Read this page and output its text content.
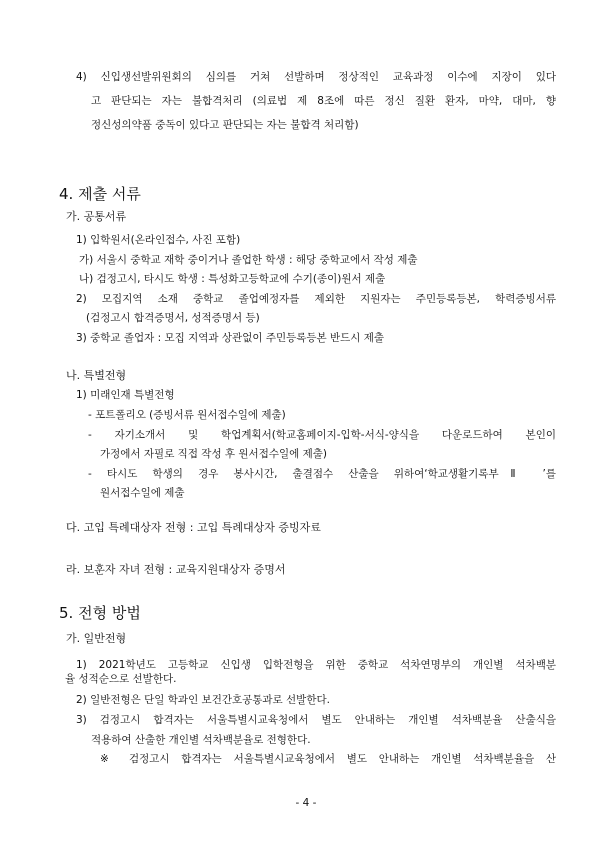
4) 신입생선발위원회의 심의를 거쳐 선발하며 정상적인 교육과정 이수에 지장이 있다
고 판단되는 자는 불합격처리 (의료법 제 8조에 따른 정신 질환 환자, 마약, 대마, 향
정신성의약품 중독이 있다고 판단되는 자는 불합격 처리함)
4. 제출 서류
가. 공통서류
1) 입학원서(온라인접수, 사진 포함)
가) 서울시 중학교 재학 중이거나 졸업한 학생 : 해당 중학교에서 작성 제출
나) 검정고시, 타시도 학생 : 특성화고등학교에 수기(종이)원서 제출
2) 모집지역 소재 중학교 졸업예정자를 제외한 지원자는 주민등록등본, 학력증빙서류
(검정고시 합격증명서, 성적증명서 등)
3) 중학교 졸업자 : 모집 지역과 상관없이 주민등록등본 반드시 제출
나. 특별전형
1) 미래인재 특별전형
- 포트폴리오 (증빙서류 원서접수일에 제출)
- 자기소개서 및 학업계획서(학교홈페이지-입학-서식-양식을 다운로드하여 본인이
가정에서 자필로 직접 작성 후 원서접수일에 제출)
- 타시도 학생의 경우 봉사시간, 출결점수 산출을 위하여‘학교생활기록부Ⅱ ’를
원서접수일에 제출
다. 고입 특례대상자 전형 : 고입 특례대상자 증빙자료
라. 보훈자 자녀 전형 : 교육지원대상자 증명서
5. 전형 방법
가. 일반전형
1) 2021학년도 고등학교 신입생 입학전형을 위한 중학교 석차연명부의 개인별 석차백분
율 성적순으로 선발한다.
2) 일반전형은 단일 학과인 보건간호공통과로 선발한다.
3) 검정고시 합격자는 서울특별시교육청에서 별도 안내하는 개인별 석차백분율 산출식을
적용하여 산출한 개인별 석차백분율로 전형한다.
※ 검정고시 합격자는 서울특별시교육청에서 별도 안내하는 개인별 석차백분율을 산
- 4 -
